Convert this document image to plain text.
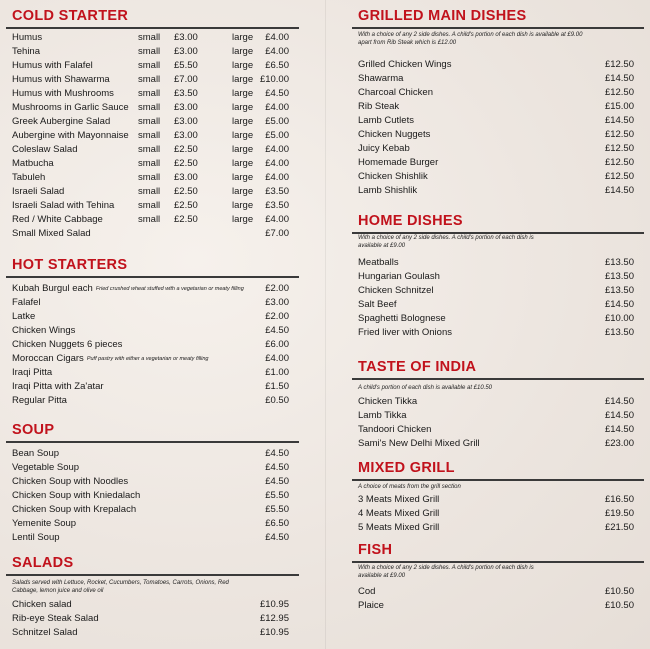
COLD STARTER
Humus	small £3.00	large £4.00
Tehina	small £3.00	large £4.00
Humus with Falafel	small £5.50	large £6.50
Humus with Shawarma	small £7.00	large £10.00
Humus with Mushrooms	small £3.50	large £4.50
Mushrooms in Garlic Sauce small £3.00	large £4.00
Greek Aubergine Salad	small £3.00	large £5.00
Aubergine with Mayonnaise small £3.00	large £5.00
Coleslaw Salad	small £2.50	large £4.00
Matbucha	small £2.50	large £4.00
Tabuleh	small £3.00	large £4.00
Israeli Salad	small £2.50	large £3.50
Israeli Salad with Tehina small £2.50	large £3.50
Red / White Cabbage	small £2.50	large £4.00
Small Mixed Salad	£7.00
HOT STARTERS
Kubah Burgul each Fried crushed wheat stuffed with a vegetarian or meaty filling £2.00
Falafel	£3.00
Latke	£2.00
Chicken Wings	£4.50
Chicken Nuggets 6 pieces	£6.00
Moroccan Cigars Puff pastry with either a vegetarian or meaty filling	£4.00
Iraqi Pitta	£1.00
Iraqi Pitta with Za'atar	£1.50
Regular Pitta	£0.50
SOUP
Bean Soup	£4.50
Vegetable Soup	£4.50
Chicken Soup with Noodles	£4.50
Chicken Soup with Kniedalach	£5.50
Chicken Soup with Krepalach	£5.50
Yemenite Soup	£6.50
Lentil Soup	£4.50
SALADS
Salads served with Lettuce, Rocket, Cucumbers, Tomatoes, Carrots, Onions, Red Cabbage, lemon juice and olive oil
Chicken salad	£10.95
Rib-eye Steak Salad	£12.95
Schnitzel Salad	£10.95
GRILLED MAIN DISHES
With a choice of any 2 side dishes. A child's portion of each dish is available at £9.00 apart from Rib Steak which is £12.00
Grilled Chicken Wings	£12.50
Shawarma	£14.50
Charcoal Chicken	£12.50
Rib Steak	£15.00
Lamb Cutlets	£14.50
Chicken Nuggets	£12.50
Juicy Kebab	£12.50
Homemade Burger	£12.50
Chicken Shishlik	£12.50
Lamb Shishlik	£14.50
HOME DISHES
With a choice of any 2 side dishes. A child's portion of each dish is available at £9.00
Meatballs	£13.50
Hungarian Goulash	£13.50
Chicken Schnitzel	£13.50
Salt Beef	£14.50
Spaghetti Bolognese	£10.00
Fried liver with Onions	£13.50
TASTE OF INDIA
A child's portion of each dish is available at £10.50
Chicken Tikka	£14.50
Lamb Tikka	£14.50
Tandoori Chicken	£14.50
Sami's New Delhi Mixed Grill	£23.00
MIXED GRILL
A choice of meats from the grill section
3 Meats Mixed Grill	£16.50
4 Meats Mixed Grill	£19.50
5 Meats Mixed Grill	£21.50
FISH
With a choice of any 2 side dishes. A child's portion of each dish is available at £9.00
Cod	£10.50
Plaice	£10.50
